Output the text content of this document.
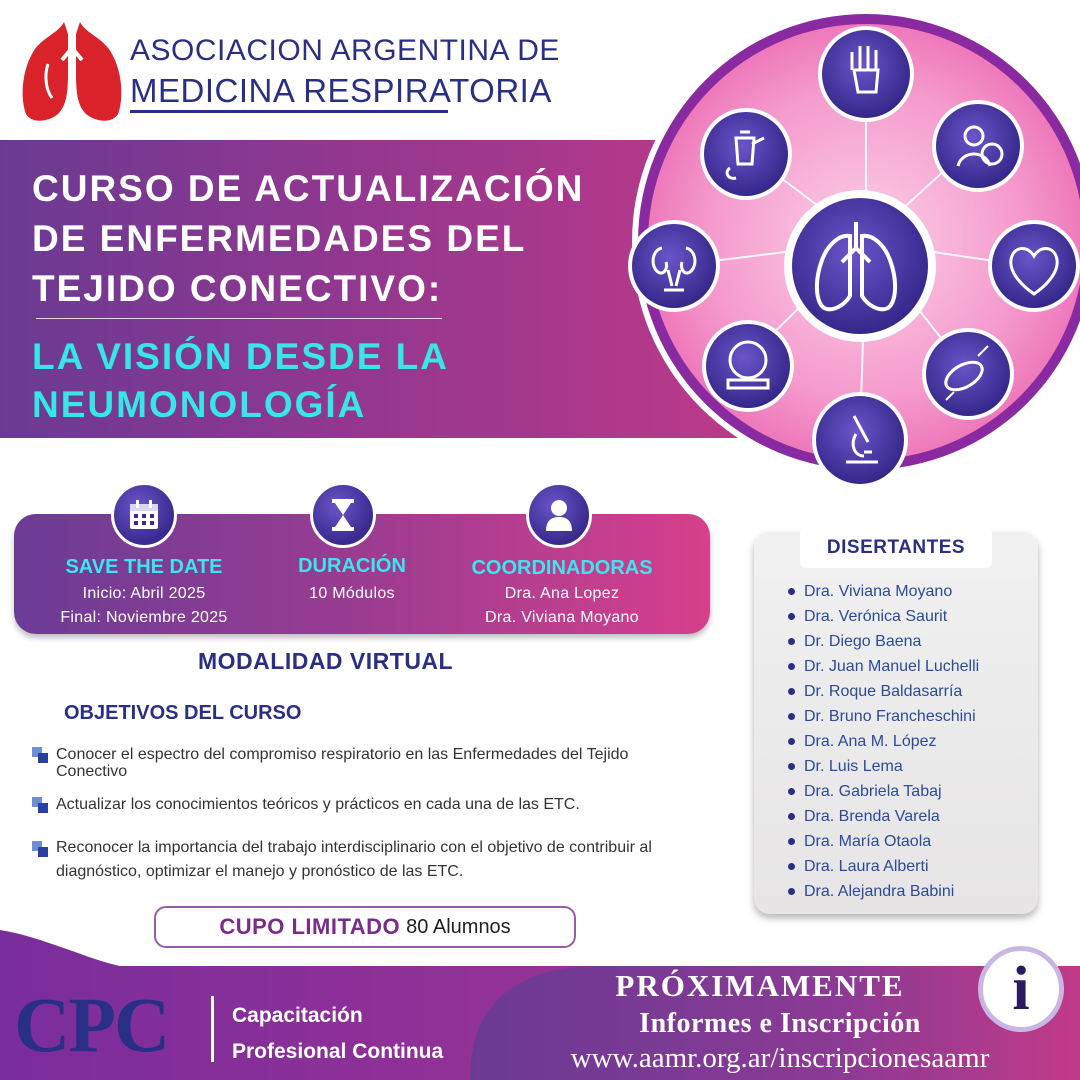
ASOCIACION ARGENTINA DE
MEDICINA RESPIRATORIA
CURSO DE ACTUALIZACIÓN
DE ENFERMEDADES DEL
TEJIDO CONECTIVO:
LA VISIÓN DESDE LA
NEUMONOLOGÍA
SAVE THE DATE
Inicio: Abril 2025
Final: Noviembre 2025
DURACIÓN
10 Módulos
COORDINADORAS
Dra. Ana Lopez
Dra. Viviana Moyano
MODALIDAD VIRTUAL
OBJETIVOS DEL CURSO
Conocer el espectro del compromiso respiratorio en las Enfermedades del Tejido Conectivo
Actualizar los conocimientos teóricos y prácticos en cada una de las ETC.
Reconocer la importancia del trabajo interdisciplinario con el objetivo de contribuir al diagnóstico, optimizar el manejo y pronóstico de las ETC.
CUPO LIMITADO 80 Alumnos
DISERTANTES
Dra. Viviana Moyano
Dra. Verónica Saurit
Dr. Diego Baena
Dr. Juan Manuel Luchelli
Dr. Roque Baldasarría
Dr. Bruno Francheschini
Dra. Ana M. López
Dr. Luis Lema
Dra. Gabriela Tabaj
Dra. Brenda Varela
Dra. María Otaola
Dra. Laura Alberti
Dra. Alejandra Babini
CPC	Capacitación
Profesional Continua
PRÓXIMAMENTE
Informes e Inscripción
www.aamr.org.ar/inscripcionesaamr
i
